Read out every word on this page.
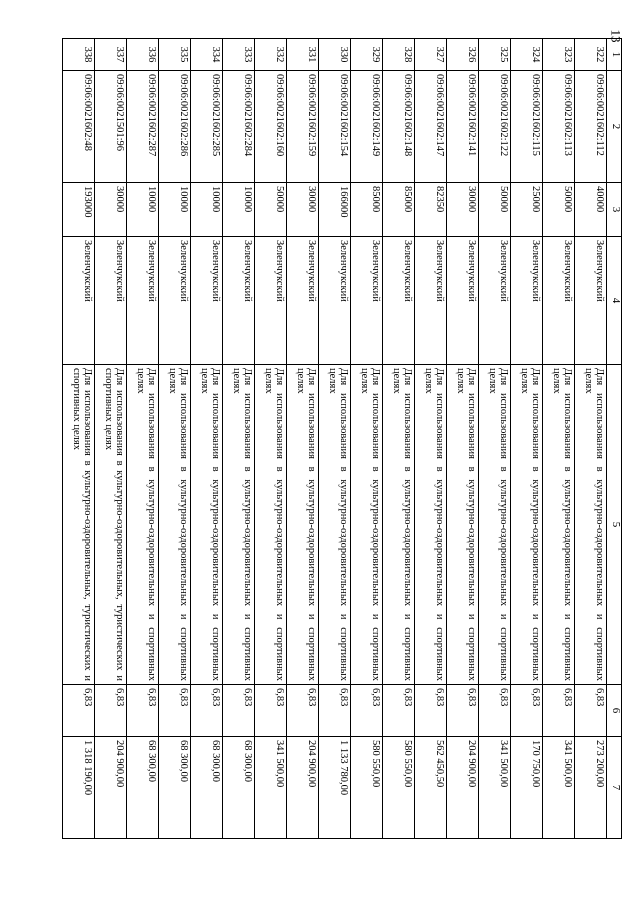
13
1	2	3	4	5	6	7
322	09:06:0021602:112	40000	Зеленчукский	Для использования в культурно-оздоровительных и спортивных целях	6,83	273 200,00
323	09:06:0021602:113	50000	Зеленчукский	Для использования в культурно-оздоровительных и спортивных целях	6,83	341 500,00
324	09:06:0021602:115	25000	Зеленчукский	Для использования в культурно-оздоровительных и спортивных целях	6,83	170 750,00
325	09:06:0021602:122	50000	Зеленчукский	Для использования в культурно-оздоровительных и спортивных целях	6,83	341 500,00
326	09:06:0021602:141	30000	Зеленчукский	Для использования в культурно-оздоровительных и спортивных целях	6,83	204 900,00
327	09:06:0021602:147	82350	Зеленчукский	Для использования в культурно-оздоровительных и спортивных целях	6,83	562 450,50
328	09:06:0021602:148	85000	Зеленчукский	Для использования в культурно-оздоровительных и спортивных целях	6,83	580 550,00
329	09:06:0021602:149	85000	Зеленчукский	Для использования в культурно-оздоровительных и спортивных целях	6,83	580 550,00
330	09:06:0021602:154	166000	Зеленчукский	Для использования в культурно-оздоровительных и спортивных целях	6,83	1 133 780,00
331	09:06:0021602:159	30000	Зеленчукский	Для использования в культурно-оздоровительных и спортивных целях	6,83	204 900,00
332	09:06:0021602:160	50000	Зеленчукский	Для использования в культурно-оздоровительных и спортивных целях	6,83	341 500,00
333	09:06:0021602:284	10000	Зеленчукский	Для использования в культурно-оздоровительных и спортивных целях	6,83	68 300,00
334	09:06:0021602:285	10000	Зеленчукский	Для использования в культурно-оздоровительных и спортивных целях	6,83	68 300,00
335	09:06:0021602:286	10000	Зеленчукский	Для использования в культурно-оздоровительных и спортивных целях	6,83	68 300,00
336	09:06:0021602:287	10000	Зеленчукский	Для использования в культурно-оздоровительных и спортивных целях	6,83	68 300,00
337	09:06:0021501:96	30000	Зеленчукский	Для использования в культурно-оздоровительных, туристических и спортивных целях	6,83	204 900,00
338	09:06:0021602:48	193000	Зеленчукский	Для использования в культурно-оздоровительных, туристических и спортивных целях	6,83	1 318 190,00
